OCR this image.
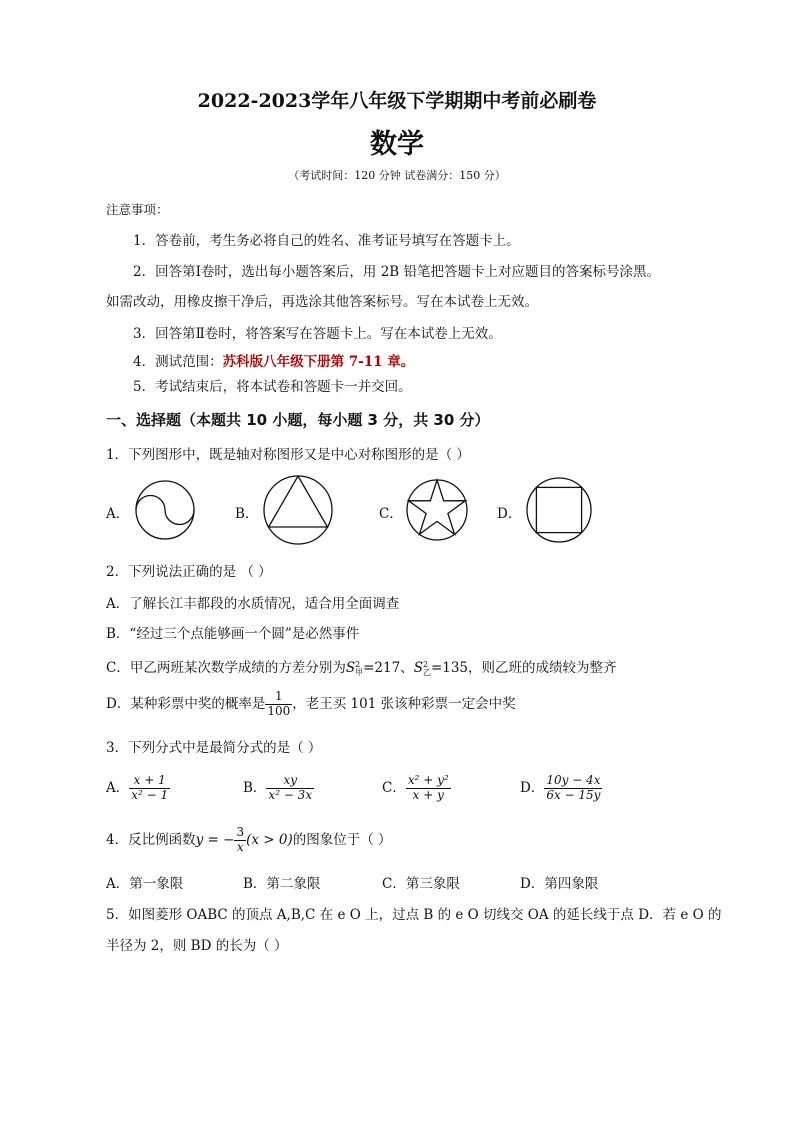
2022-2023学年八年级下学期期中考前必刷卷
数学
（考试时间：120 分钟 试卷满分：150 分）
注意事项：
1．答卷前，考生务必将自己的姓名、准考证号填写在答题卡上。
2．回答第Ⅰ卷时，选出每小题答案后，用 2B 铅笔把答题卡上对应题目的答案标号涂黑。
如需改动，用橡皮擦干净后，再选涂其他答案标号。写在本试卷上无效。
3．回答第Ⅱ卷时，将答案写在答题卡上。写在本试卷上无效。
4．测试范围：苏科版八年级下册第 7-11 章。
5．考试结束后，将本试卷和答题卡一并交回。
一、选择题（本题共 10 小题，每小题 3 分，共 30 分）
1．下列图形中，既是轴对称图形又是中心对称图形的是（ ）
A．	B．	C．	D．
2．下列说法正确的是 （ ）
A．了解长江丰都段的水质情况，适合用全面调查
B．“经过三个点能够画一个圆”是必然事件
C．甲乙两班某次数学成绩的方差分别为S 2
甲 =217、S 2
乙 =135，则乙班的成绩较为整齐
D．某种彩票中奖的概率是 $\frac{1}{100}$ ，老王买 101 张该种彩票一定会中奖
3．下列分式中是最简分式的是（ ）
A． $\frac{x + 1}{\text{x² − 1}}$	B． $\frac{xy}{\text{x² − 3x}}$	C． $\frac{\text{x² + y²}}{x + y}$	D． $\frac{10y - 4x}{6x - 15y}$
4．反比例函数y = − $\frac{3}{x} (x > 0)$的图象位于（ ）
A．第一象限	B．第二象限	C．第三象限	D．第四象限
5．如图菱形 OABC 的顶点 A,B,C 在 e O 上，过点 B 的 e O 切线交 OA 的延长线于点 D．若 e O 的
半径为 2，则 BD 的长为（ ）
